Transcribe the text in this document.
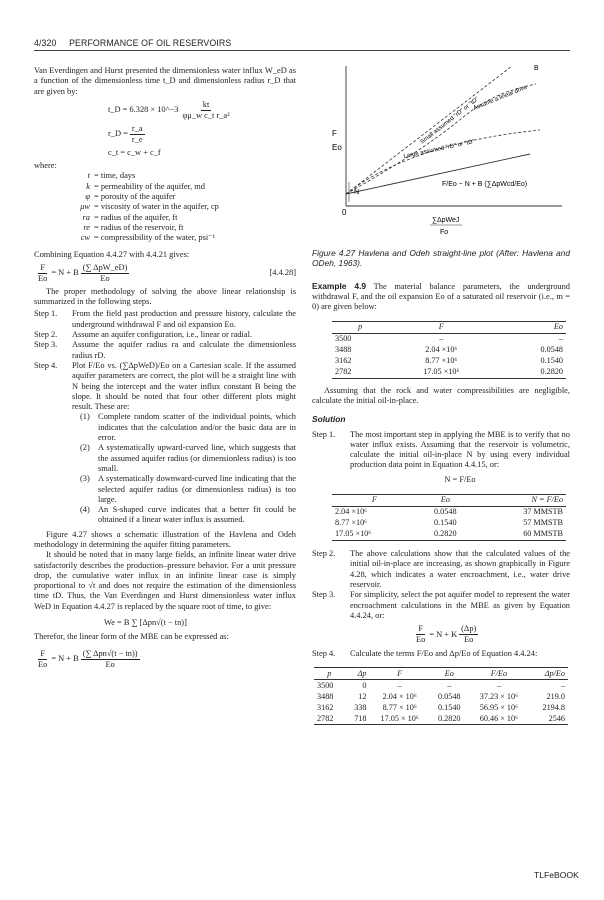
4/320 PERFORMANCE OF OIL RESERVOIRS

Van Everdingen and Hurst presented the dimensionless water influx W_eD as a function of the dimensionless time t_D and dimensionless radius r_D that are given by:

t_D = 6.328 × 10^−3 $\frac{kt}{\text{φμ\_w c\_t r\_a²}}$
r_D = $\frac{r\_a}{r\_e}$
c_t = c_w + c_f

where:

t = time, days
k = permeability of the aquifer, md
φ = porosity of the aquifer
μw = viscosity of water in the aquifer, cp
ra = radius of the aquifer, ft
re = radius of the reservoir, ft
cw = compressibility of the water, psi⁻¹

Combining Equation 4.4.27 with 4.4.21 gives:

$\frac{F}{Eo} = N + B \frac{\text{(∑ ΔpW\_eD)}}{Eo}$	[4.4.28]

The proper methodology of solving the above linear relationship is summarized in the following steps.

Step 1.	From the field past production and pressure history, calculate the underground withdrawal F and oil expansion Eo.
Step 2.	Assume an aquifer configuration, i.e., linear or radial.
Step 3.	Assume the aquifer radius ra and calculate the dimensionless radius rD.
Step 4.	Plot F/Eo vs. (∑ΔpWeD)/Eo on a Cartesian scale. If the assumed aquifer parameters are correct, the plot will be a straight line with N being the intercept and the water influx constant B being the slope. It should be noted that four other different plots might result. These are:
(1) Complete random scatter of the individual points, which indicates that the calculation and/or the basic data are in error.
(2) A systematically upward-curved line, which suggests that the assumed aquifer radius (or dimensionless radius) is too small.
(3) A systematically downward-curved line indicating that the selected aquifer radius (or dimensionless radius) is too large.
(4) An S-shaped curve indicates that a better fit could be obtained if a linear water influx is assumed.

Figure 4.27 shows a schematic illustration of the Havlena and Odeh methodology in determining the aquifer fitting parameters.

It should be noted that in many large fields, an infinite linear water drive satisfactorily describes the production–pressure behavior. For a unit pressure drop, the cumulative water influx in an infinite linear case is simply proportional to √t and does not require the estimation of the dimensionless time tD. Thus, the Van Everdingen and Hurst dimensionless water influx WeD in Equation 4.4.27 is replaced by the square root of time, to give:

We = B ∑ [Δpn√(t − tn)]

Therefor, the linear form of the MBE can be expressed as:

$\frac{F}{Eo} = N + B \frac{\text{(∑ Δpn√(t − tn))}}{Eo}$
N
0
F
Eo
Small assumed "rD" or "tD"
Assume a linear drive
Large assumed "rD" or "tD"
B
F/Eo − N + B (∑ΔpWcd/Eo)
∑ΔpWeJ
Fo

Figure 4.27 Havlena and Odeh straight-line plot (After: Havlena and ODeh, 1963).

Example 4.9 The material balance parameters, the underground withdrawal F, and the oil expansion Eo of a saturated oil reservoir (i.e., m = 0) are given below:

p	F	Eo
3500	–	–
3488	2.04 ×10⁶	0.0548
3162	8.77 ×10⁶	0.1540
2782	17.05 ×10⁶	0.2820

Assuming that the rock and water compressibilities are negligible, calculate the initial oil-in-place.

Solution

Step 1.	The most important step in applying the MBE is to verify that no water influx exists. Assuming that the reservoir is volumetric, calculate the initial oil-in-place N by using every individual production data point in Equation 4.4.15, or:
N = F/Eo
F	Eo	N = F/Eo
2.04 ×10⁶	0.0548	37 MMSTB
8.77 ×10⁶	0.1540	57 MMSTB
17.05 ×10⁶	0.2820	60 MMSTB
Step 2.	The above calculations show that the calculated values of the initial oil-in-place are increasing, as shown graphically in Figure 4.28, which indicates a water encroachment, i.e., water drive reservoir.
Step 3.	For simplicity, select the pot aquifer model to represent the water encroachment calculations in the MBE as given by Equation 4.4.24, or:
$\frac{F}{Eo} = N + K \frac{(\Delta p)}{Eo}$
Step 4.	Calculate the terms F/Eo and Δp/Eo of Equation 4.4.24:
p	Δp	F	Eo	F/Eo	Δp/Eo
3500	0	–	–	–	–
3488	12	2.04 × 10⁶	0.0548	37.23 × 10⁶	219.0
3162	338	8.77 × 10⁶	0.1540	56.95 × 10⁶	2194.8
2782	718	17.05 × 10⁶	0.2820	60.46 × 10⁶	2546
TLFeBOOK
